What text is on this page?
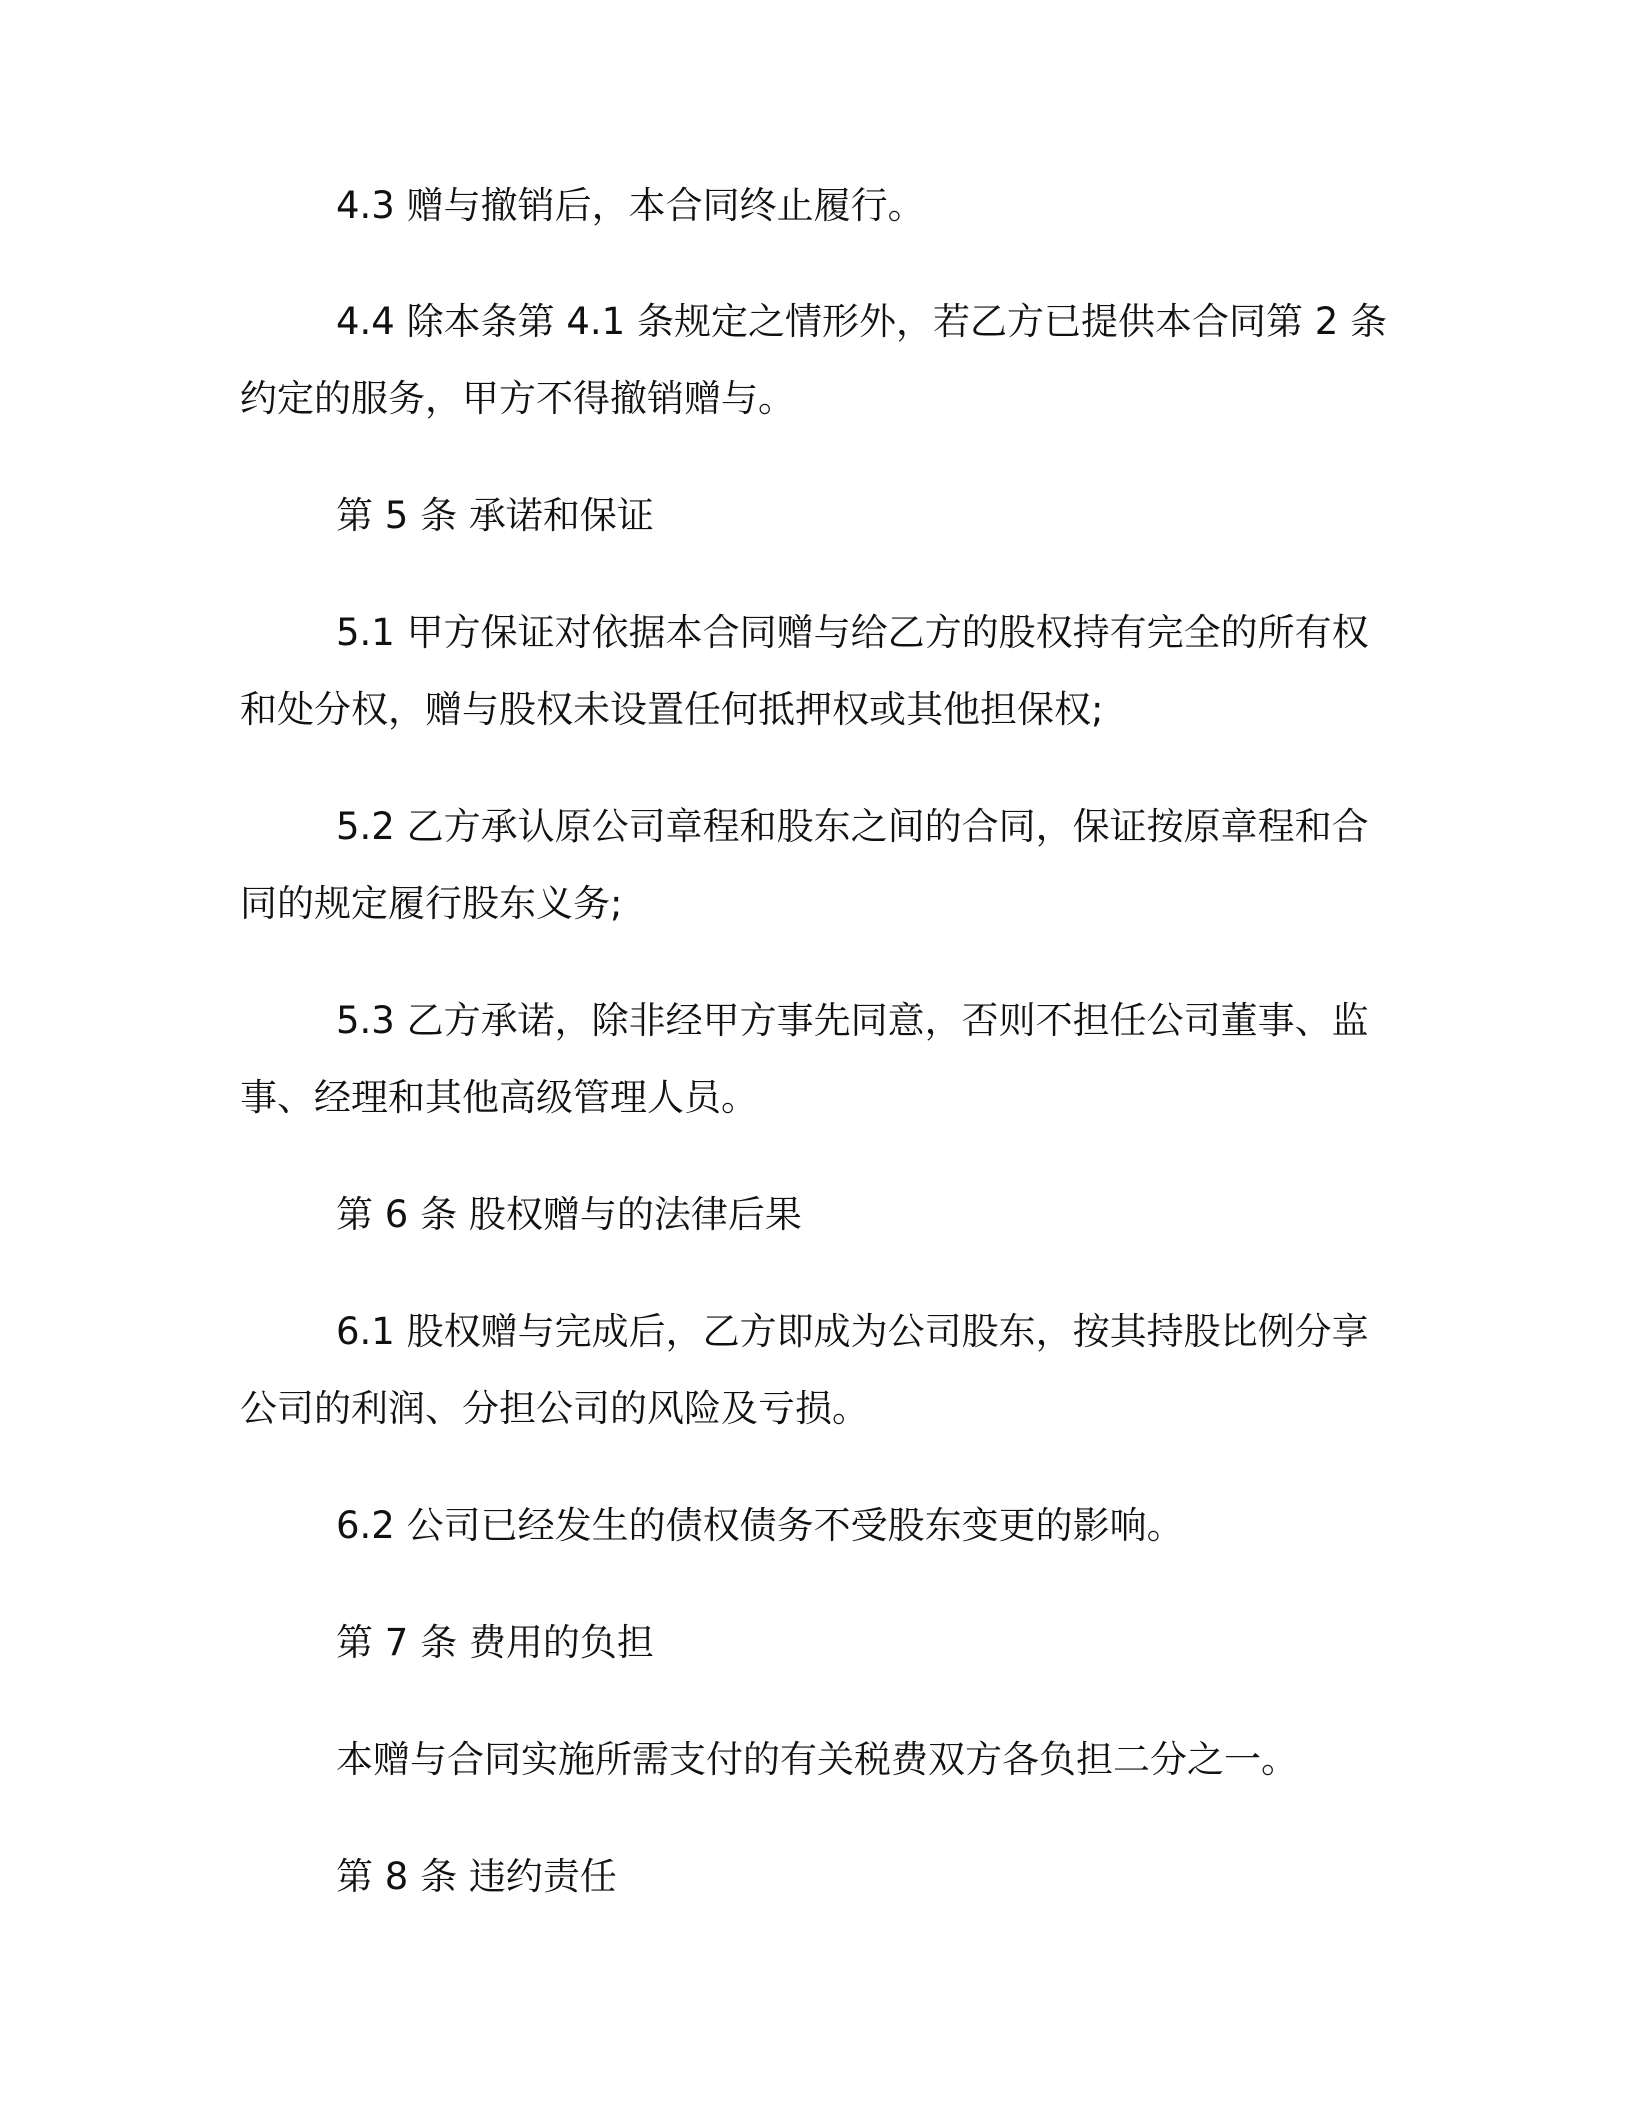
4.3 赠与撤销后，本合同终止履行。
4.4 除本条第 4.1 条规定之情形外，若乙方已提供本合同第 2 条
约定的服务，甲方不得撤销赠与。
第 5 条 承诺和保证
5.1 甲方保证对依据本合同赠与给乙方的股权持有完全的所有权
和处分权，赠与股权未设置任何抵押权或其他担保权;
5.2 乙方承认原公司章程和股东之间的合同，保证按原章程和合
同的规定履行股东义务;
5.3 乙方承诺，除非经甲方事先同意，否则不担任公司董事、监
事、经理和其他高级管理人员。
第 6 条 股权赠与的法律后果
6.1 股权赠与完成后，乙方即成为公司股东，按其持股比例分享
公司的利润、分担公司的风险及亏损。
6.2 公司已经发生的债权债务不受股东变更的影响。
第 7 条 费用的负担
本赠与合同实施所需支付的有关税费双方各负担二分之一。
第 8 条 违约责任
